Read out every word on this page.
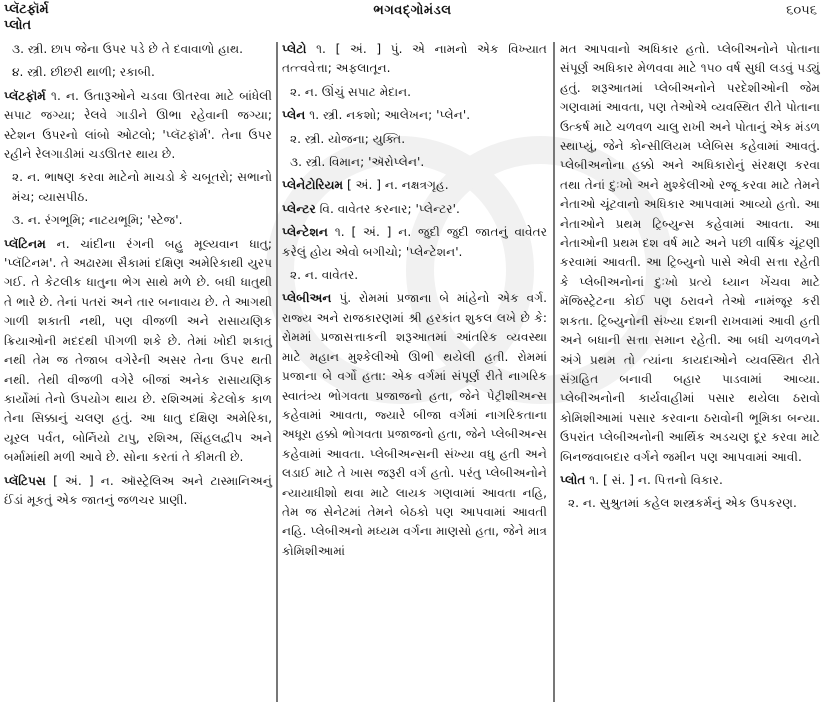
પ્લૅટફૉર્મ
પ્લોત
ભગવદ્ગોમંડલ	૬૦૫૬

૩. સ્ત્રી. છાપ જેના ઉપર પડે છે તે દવાવાળો હાથ.

૪. સ્ત્રી. છીછરી થાળી; રકાબી.

પ્લૅટફૉર્મ ૧. ન. ઉતારૂઓને ચડવા ઊતરવા માટે બાંધેલી સપાટ જગ્યા; રેલવે ગાડીને ઊભા રહેવાની જગ્યા; સ્ટેશન ઉપરનો લાંબો ઓટલો; 'પ્લૅટફૉર્મ'. તેના ઉપર રહીને રેલગાડીમાં ચડઊતર થાય છે.

૨. ન. ભાષણ કરવા માટેનો માચડો કે ચબૂતરો; સભાનો મંચ; વ્યાસપીઠ.

૩. ન. રંગભૂમિ; નાટયભૂમિ; 'સ્ટેજ'.

પ્લૅટિનમ ન. ચાંદીના રંગની બહુ મૂલ્યવાન ધાતુ; 'પ્લૅટિનમ'. તે અઢારમા સૈકામાં દક્ષિણ અમેરિકાથી યુરપ ગઈ. તે કેટલીક ધાતુના ભેગ સાથે મળે છે. બધી ધાતુથી તે ભારે છે. તેનાં પતરાં અને તાર બનાવાય છે. તે આગથી ગાળી શકાતી નથી, પણ વીજળી અને રાસાયણિક ક્રિયાઓની મદદથી પીગળી શકે છે. તેમાં ખોદી શકાતું નથી તેમ જ તેજાબ વગેરેની અસર તેના ઉપર થતી નથી. તેથી વીજળી વગેરે બીજાં અનેક રાસાયણિક કાર્યોમાં તેનો ઉપયોગ થાય છે. રશિઅમાં કેટલોક કાળ તેના સિક્કાનું ચલણ હતું. આ ધાતુ દક્ષિણ અમેરિકા, યૂરલ પર્વત, બોર્નિયો ટાપુ, રશિઅ, સિંહલદ્વીપ અને બર્મામાંથી મળી આવે છે. સોના કરતાં તે કીમતી છે.

પ્લૅટિપસ [ અં. ] ન. ઑસ્ટ્રેલિઅ અને ટાસ્માનિઅનું ઈંડાં મૂકતું એક જાતનું જળચર પ્રાણી.

પ્લેટો ૧. [ અં. ] પું. એ નામનો એક વિખ્યાત તત્ત્વવેત્તા; અફલાતૂન.

૨. ન. ઊંચું સપાટ મેદાન.

પ્લેન ૧. સ્ત્રી. નકશો; આલેખન; 'પ્લેન'.

૨. સ્ત્રી. યોજના; યુક્તિ.

૩. સ્ત્રી. વિમાન; 'ઍરોપ્લેન'.

પ્લેનેટોરિયમ [ અં. ] ન. નક્ષત્રગૃહ.

પ્લેન્ટર વિ. વાવેતર કરનાર; 'પ્લેન્ટર'.

પ્લેન્ટેશન ૧. [ અં. ] ન. જુદી જુદી જાતનું વાવેતર કરેલું હોય એવો બગીચો; 'પ્લેન્ટેશન'.

૨. ન. વાવેતર.

પ્લેબીઅન પું. રોમમાં પ્રજાના બે માંહેનો એક વર્ગ. રાજ્ય અને રાજકારણમાં શ્રી હરકાંત શુકલ લખે છે કે: રોમમાં પ્રજાસત્તાકની શરૂઆતમાં આંતરિક વ્યવસ્થા માટે મહાન મુશ્કેલીઓ ઊભી થયેલી હતી. રોમમાં પ્રજાના બે વર્ગો હતા: એક વર્ગમાં સંપૂર્ણ રીતે નાગરિક સ્વાતંત્ર્ય ભોગવતા પ્રજાજનો હતા, જેને પેટ્રીશીઅન્સ કહેવામાં આવતા, જ્યારે બીજા વર્ગમાં નાગરિકતાના અધૂરા હક્કો ભોગવતા પ્રજાજનો હતા, જેને પ્લેબીઅન્સ કહેવામાં આવતા. પ્લેબીઅન્સની સંખ્યા વધુ હતી અને લડાઈ માટે તે ખાસ જરૂરી વર્ગ હતો. પરંતુ પ્લેબીઅનોને ન્યાયાધીશો થવા માટે લાયક ગણવામાં આવતા નહિ, તેમ જ સેનેટમાં તેમને બેઠકો પણ આપવામાં આવતી નહિ. પ્લેબીઅનો મધ્યમ વર્ગના માણસો હતા, જેને માત્ર કોમિશીઆમાં

મત આપવાનો અધિકાર હતો. પ્લેબીઅનોને પોતાના સંપૂર્ણ અધિકાર મેળવવા માટે ૧૫૦ વર્ષ સુધી લડવું પડ્યું હતું. શરૂઆતમાં પ્લેબીઅનોને પરદેશીઓની જેમ ગણવામાં આવતા, પણ તેઓએ વ્યવસ્થિત રીતે પોતાના ઉત્કર્ષ માટે ચળવળ ચાલુ રાખી અને પોતાનું એક મંડળ સ્થાપ્યું, જેને કોન્સીલિયમ પ્લેબિસ કહેવામાં આવતું. પ્લેબીઅનોના હક્કો અને અધિકારોનું સંરક્ષણ કરવા તથા તેનાં દુઃખો અને મુશ્કેલીઓ રજૂ કરવા માટે તેમને નેતાઓ ચૂંટવાનો અધિકાર આપવામાં આવ્યો હતો. આ નેતાઓને પ્રથમ ટ્રિબ્યુન્સ કહેવામાં આવતા. આ નેતાઓની પ્રથમ દશ વર્ષ માટે અને પછી વાર્ષિક ચૂંટણી કરવામાં આવતી. આ ટ્રિબ્યુનો પાસે એવી સત્તા રહેતી કે પ્લેબીઅનોનાં દુઃખો પ્રત્યે ધ્યાન ખેંચવા માટે મૅજિસ્ટ્રેટના કોઈ પણ ઠરાવને તેઓ નામંજૂર કરી શકતા. ટ્રિબ્યુનોની સંખ્યા દશની રાખવામાં આવી હતી અને બધાની સત્તા સમાન રહેતી. આ બધી ચળવળને અંગે પ્રથમ તો ત્યાંના કાયદાઓને વ્યવસ્થિત રીતે સંગ્રહિત બનાવી બહાર પાડવામાં આવ્યા. પ્લેબીઅનોની કાર્યવાહીમાં પસાર થયેલા ઠરાવો કોમિશીઆમાં પસાર કરવાના ઠરાવોની ભૂમિકા બન્યા. ઉપરાંત પ્લેબીઅનોની આર્થિક અડચણ દૂર કરવા માટે બિનજવાબદાર વર્ગને જમીન પણ આપવામાં આવી.

પ્લોત ૧. [ સં. ] ન. પિત્તનો વિકાર.

૨. ન. સુશ્રુતમાં કહેલ શસ્ત્રકર્મનું એક ઉપકરણ.
